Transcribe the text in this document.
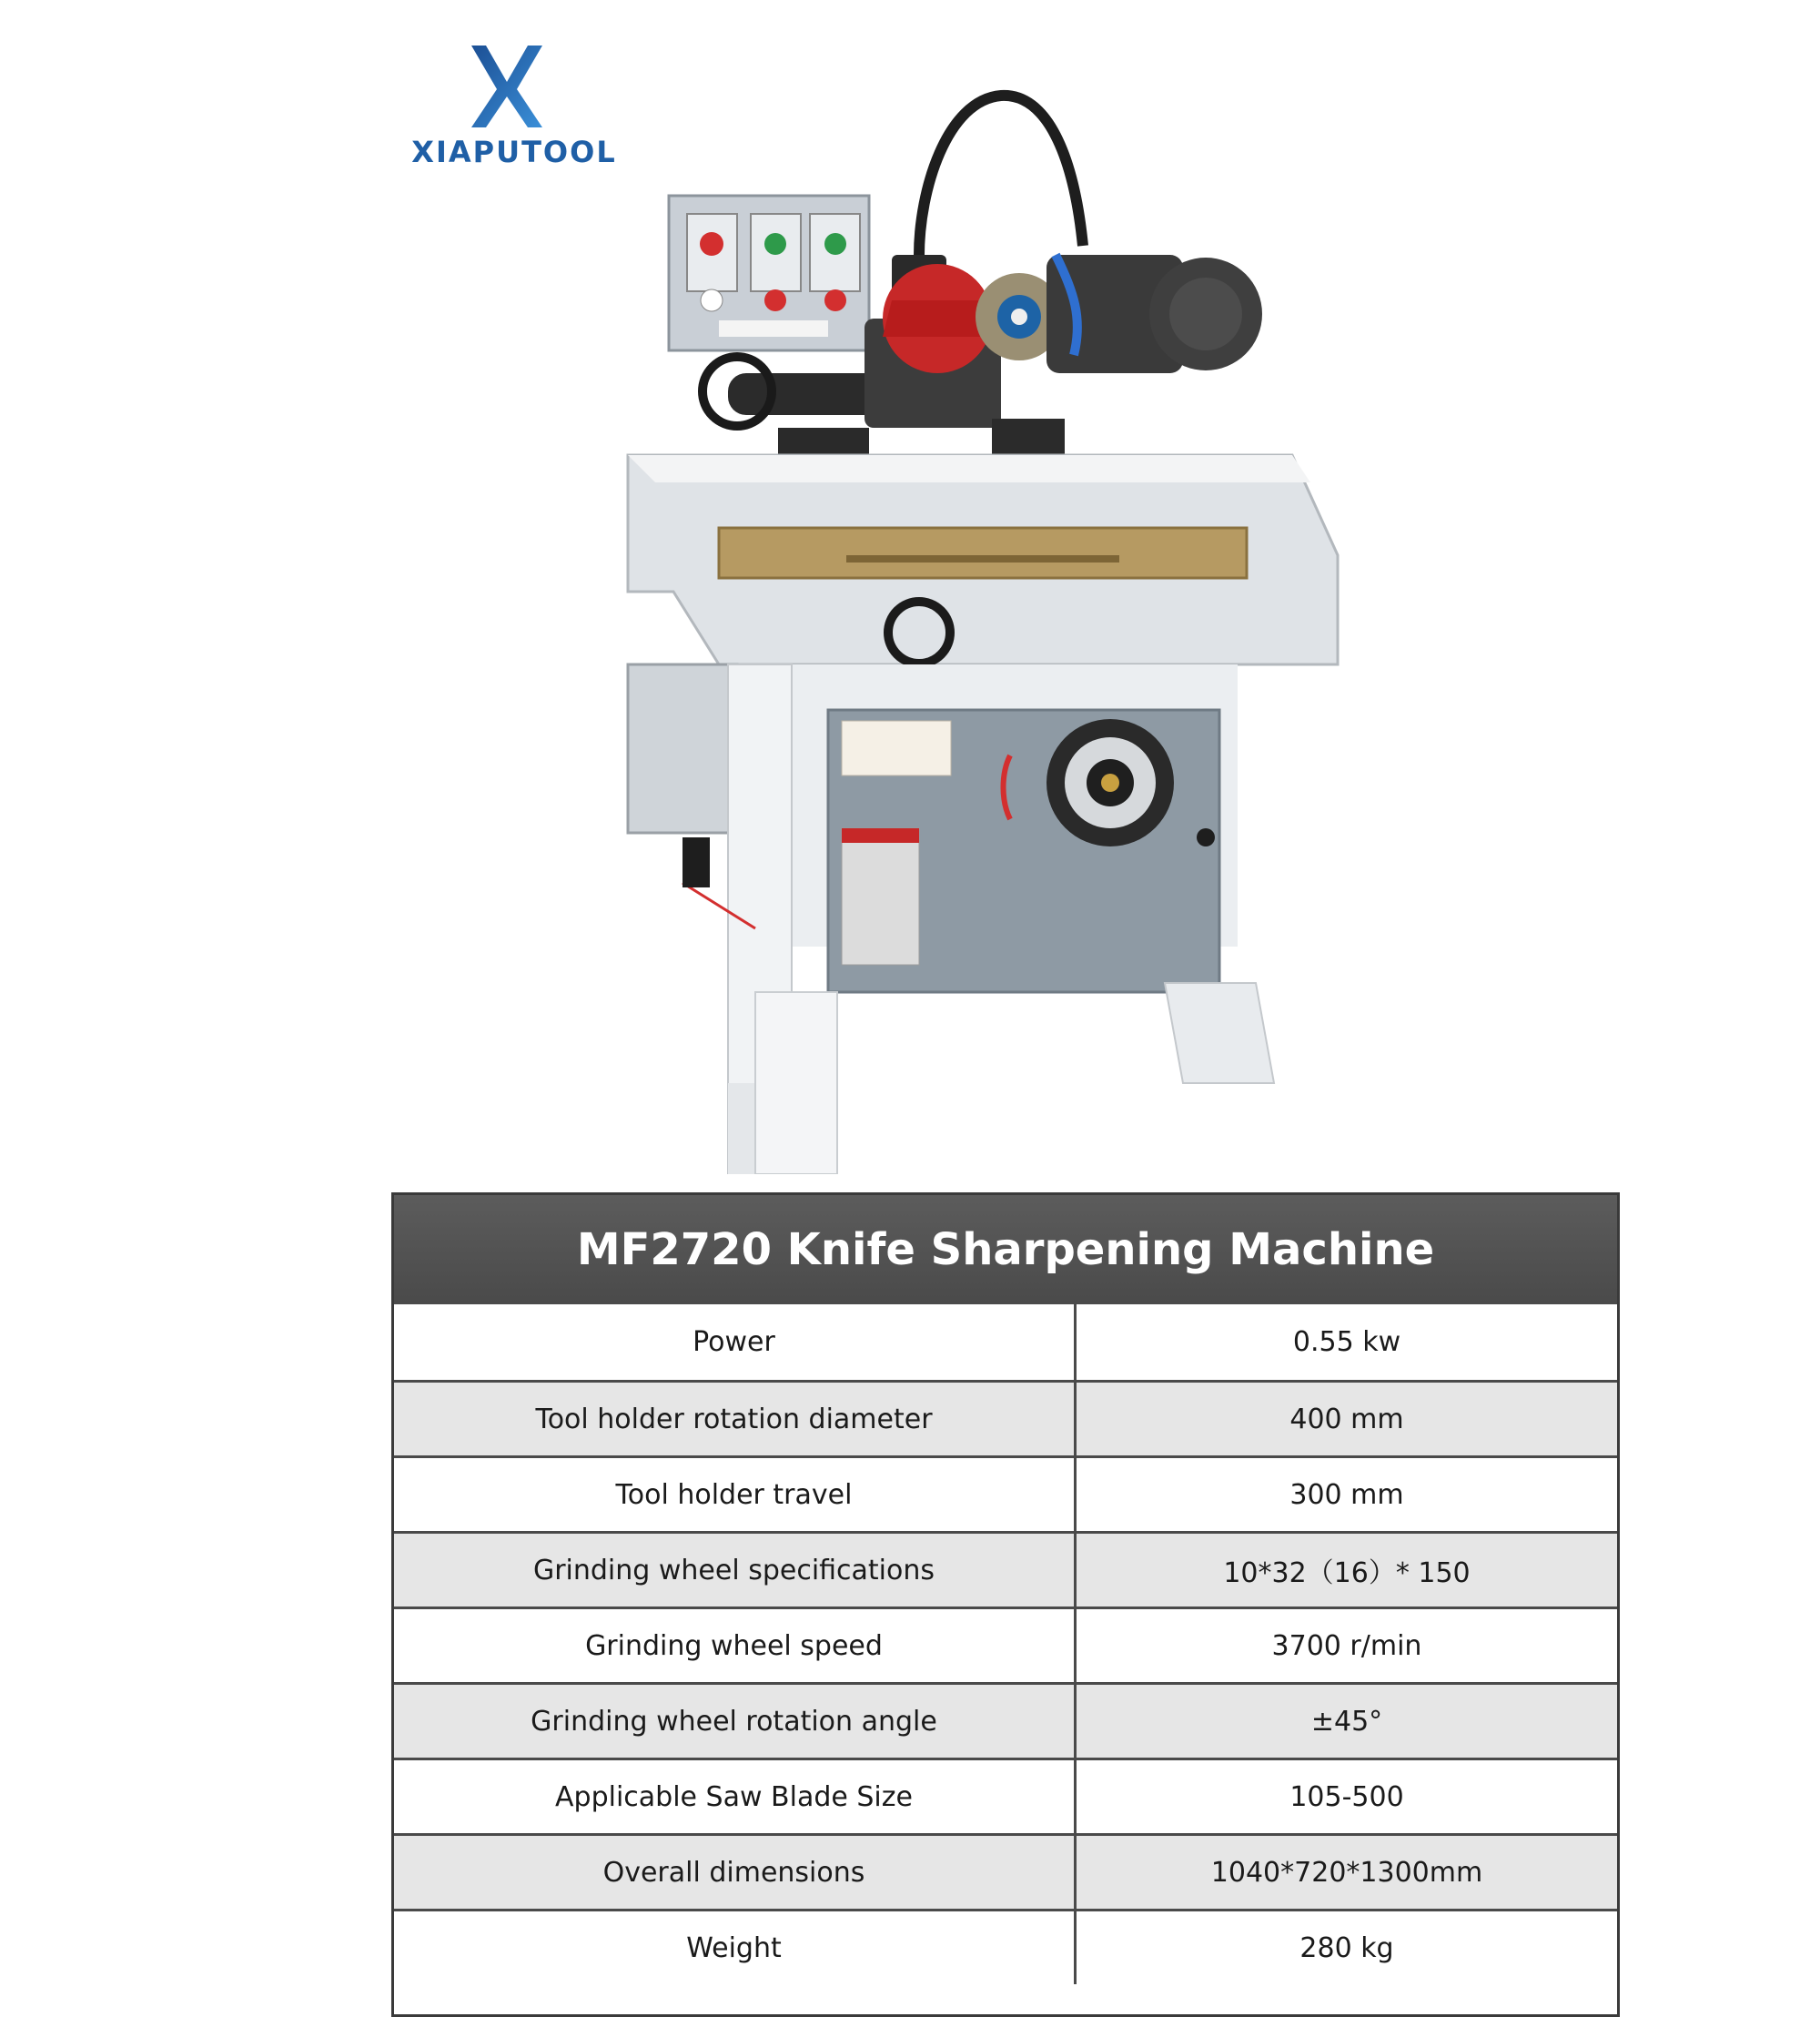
XIAPUTOOL
MF2720 Knife Sharpening Machine
Power	0.55 kw
Tool holder rotation diameter	400 mm
Tool holder travel	300 mm
Grinding wheel specifications	10*32（16）* 150
Grinding wheel speed	3700 r/min
Grinding wheel rotation angle	±45°
Applicable Saw Blade Size	105-500
Overall dimensions	1040*720*1300mm
Weight	280 kg
